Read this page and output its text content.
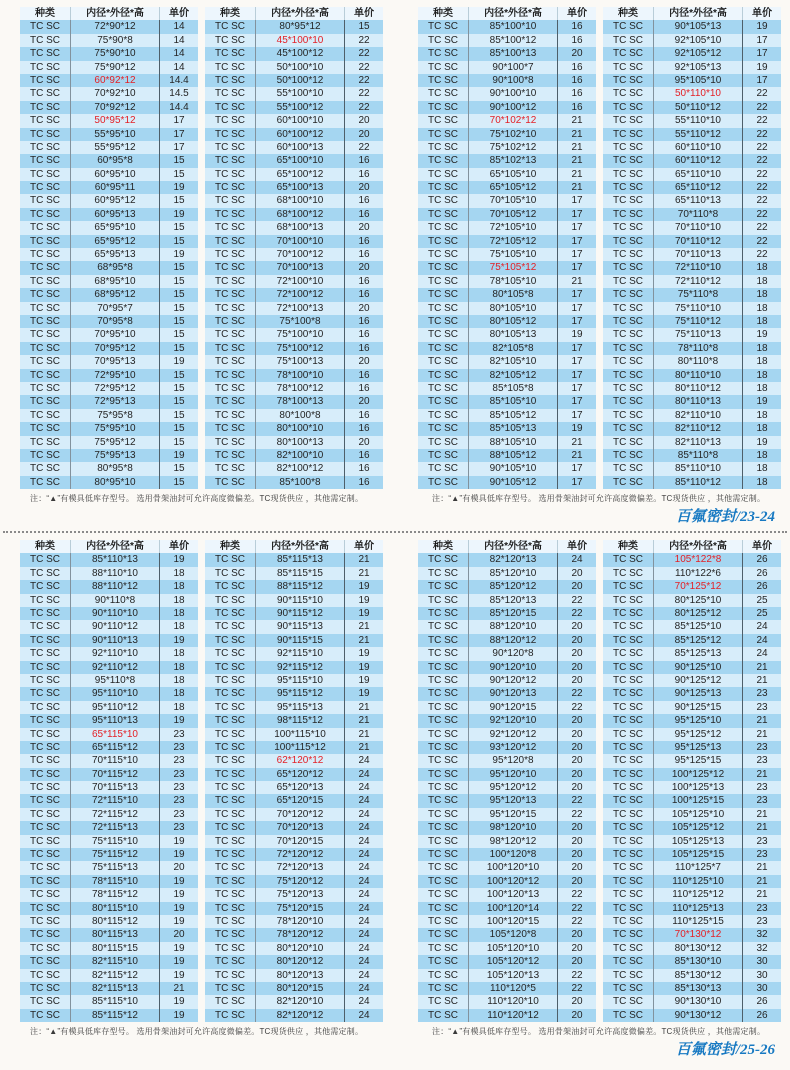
种类	内径*外径*高	单价
TC SC	72*90*12	14
TC SC	75*90*8	14
TC SC	75*90*10	14
TC SC	75*90*12	14
TC SC	60*92*12	14.4
TC SC	70*92*10	14.5
TC SC	70*92*12	14.4
TC SC	50*95*12	17
TC SC	55*95*10	17
TC SC	55*95*12	17
TC SC	60*95*8	15
TC SC	60*95*10	15
TC SC	60*95*11	19
TC SC	60*95*12	15
TC SC	60*95*13	19
TC SC	65*95*10	15
TC SC	65*95*12	15
TC SC	65*95*13	19
TC SC	68*95*8	15
TC SC	68*95*10	15
TC SC	68*95*12	15
TC SC	70*95*7	15
TC SC	70*95*8	15
TC SC	70*95*10	15
TC SC	70*95*12	15
TC SC	70*95*13	19
TC SC	72*95*10	15
TC SC	72*95*12	15
TC SC	72*95*13	15
TC SC	75*95*8	15
TC SC	75*95*10	15
TC SC	75*95*12	15
TC SC	75*95*13	19
TC SC	80*95*8	15
TC SC	80*95*10	15
种类	内径*外径*高	单价
TC SC	80*95*12	15
TC SC	45*100*10	22
TC SC	45*100*12	22
TC SC	50*100*10	22
TC SC	50*100*12	22
TC SC	55*100*10	22
TC SC	55*100*12	22
TC SC	60*100*10	20
TC SC	60*100*12	20
TC SC	60*100*13	22
TC SC	65*100*10	16
TC SC	65*100*12	16
TC SC	65*100*13	20
TC SC	68*100*10	16
TC SC	68*100*12	16
TC SC	68*100*13	20
TC SC	70*100*10	16
TC SC	70*100*12	16
TC SC	70*100*13	20
TC SC	72*100*10	16
TC SC	72*100*12	16
TC SC	72*100*13	20
TC SC	75*100*8	16
TC SC	75*100*10	16
TC SC	75*100*12	16
TC SC	75*100*13	20
TC SC	78*100*10	16
TC SC	78*100*12	16
TC SC	78*100*13	20
TC SC	80*100*8	16
TC SC	80*100*10	16
TC SC	80*100*13	20
TC SC	82*100*10	16
TC SC	82*100*12	16
TC SC	85*100*8	16
种类	内径*外径*高	单价
TC SC	85*100*10	16
TC SC	85*100*12	16
TC SC	85*100*13	20
TC SC	90*100*7	16
TC SC	90*100*8	16
TC SC	90*100*10	16
TC SC	90*100*12	16
TC SC	70*102*12	21
TC SC	75*102*10	21
TC SC	75*102*12	21
TC SC	85*102*13	21
TC SC	65*105*10	21
TC SC	65*105*12	21
TC SC	70*105*10	17
TC SC	70*105*12	17
TC SC	72*105*10	17
TC SC	72*105*12	17
TC SC	75*105*10	17
TC SC	75*105*12	17
TC SC	78*105*10	21
TC SC	80*105*8	17
TC SC	80*105*10	17
TC SC	80*105*12	17
TC SC	80*105*13	19
TC SC	82*105*8	17
TC SC	82*105*10	17
TC SC	82*105*12	17
TC SC	85*105*8	17
TC SC	85*105*10	17
TC SC	85*105*12	17
TC SC	85*105*13	19
TC SC	88*105*10	21
TC SC	88*105*12	21
TC SC	90*105*10	17
TC SC	90*105*12	17
种类	内径*外径*高	单价
TC SC	90*105*13	19
TC SC	92*105*10	17
TC SC	92*105*12	17
TC SC	92*105*13	19
TC SC	95*105*10	17
TC SC	50*110*10	22
TC SC	50*110*12	22
TC SC	55*110*10	22
TC SC	55*110*12	22
TC SC	60*110*10	22
TC SC	60*110*12	22
TC SC	65*110*10	22
TC SC	65*110*12	22
TC SC	65*110*13	22
TC SC	70*110*8	22
TC SC	70*110*10	22
TC SC	70*110*12	22
TC SC	70*110*13	22
TC SC	72*110*10	18
TC SC	72*110*12	18
TC SC	75*110*8	18
TC SC	75*110*10	18
TC SC	75*110*12	18
TC SC	75*110*13	19
TC SC	78*110*8	18
TC SC	80*110*8	18
TC SC	80*110*10	18
TC SC	80*110*12	18
TC SC	80*110*13	19
TC SC	82*110*10	18
TC SC	82*110*12	18
TC SC	82*110*13	19
TC SC	85*110*8	18
TC SC	85*110*10	18
TC SC	85*110*12	18
注：“▲”有模具低库存型号。 选用骨架油封可允许高度微偏差。TC现货供应 ，其他需定制。	注：“▲”有模具低库存型号。 选用骨架油封可允许高度微偏差。TC现货供应 ，其他需定制。
百氟密封/23-24
种类	内径*外径*高	单价
TC SC	85*110*13	19
TC SC	88*110*10	18
TC SC	88*110*12	18
TC SC	90*110*8	18
TC SC	90*110*10	18
TC SC	90*110*12	18
TC SC	90*110*13	19
TC SC	92*110*10	18
TC SC	92*110*12	18
TC SC	95*110*8	18
TC SC	95*110*10	18
TC SC	95*110*12	18
TC SC	95*110*13	19
TC SC	65*115*10	23
TC SC	65*115*12	23
TC SC	70*115*10	23
TC SC	70*115*12	23
TC SC	70*115*13	23
TC SC	72*115*10	23
TC SC	72*115*12	23
TC SC	72*115*13	23
TC SC	75*115*10	19
TC SC	75*115*12	19
TC SC	75*115*13	20
TC SC	78*115*10	19
TC SC	78*115*12	19
TC SC	80*115*10	19
TC SC	80*115*12	19
TC SC	80*115*13	20
TC SC	80*115*15	19
TC SC	82*115*10	19
TC SC	82*115*12	19
TC SC	82*115*13	21
TC SC	85*115*10	19
TC SC	85*115*12	19
种类	内径*外径*高	单价
TC SC	85*115*13	21
TC SC	85*115*15	21
TC SC	88*115*12	19
TC SC	90*115*10	19
TC SC	90*115*12	19
TC SC	90*115*13	21
TC SC	90*115*15	21
TC SC	92*115*10	19
TC SC	92*115*12	19
TC SC	95*115*10	19
TC SC	95*115*12	19
TC SC	95*115*13	21
TC SC	98*115*12	21
TC SC	100*115*10	21
TC SC	100*115*12	21
TC SC	62*120*12	24
TC SC	65*120*12	24
TC SC	65*120*13	24
TC SC	65*120*15	24
TC SC	70*120*12	24
TC SC	70*120*13	24
TC SC	70*120*15	24
TC SC	72*120*12	24
TC SC	72*120*13	24
TC SC	75*120*12	24
TC SC	75*120*13	24
TC SC	75*120*15	24
TC SC	78*120*10	24
TC SC	78*120*12	24
TC SC	80*120*10	24
TC SC	80*120*12	24
TC SC	80*120*13	24
TC SC	80*120*15	24
TC SC	82*120*10	24
TC SC	82*120*12	24
种类	内径*外径*高	单价
TC SC	82*120*13	24
TC SC	85*120*10	20
TC SC	85*120*12	20
TC SC	85*120*13	22
TC SC	85*120*15	22
TC SC	88*120*10	20
TC SC	88*120*12	20
TC SC	90*120*8	20
TC SC	90*120*10	20
TC SC	90*120*12	20
TC SC	90*120*13	22
TC SC	90*120*15	22
TC SC	92*120*10	20
TC SC	92*120*12	20
TC SC	93*120*12	20
TC SC	95*120*8	20
TC SC	95*120*10	20
TC SC	95*120*12	20
TC SC	95*120*13	22
TC SC	95*120*15	22
TC SC	98*120*10	20
TC SC	98*120*12	20
TC SC	100*120*8	20
TC SC	100*120*10	20
TC SC	100*120*12	20
TC SC	100*120*13	22
TC SC	100*120*14	22
TC SC	100*120*15	22
TC SC	105*120*8	20
TC SC	105*120*10	20
TC SC	105*120*12	20
TC SC	105*120*13	22
TC SC	110*120*5	22
TC SC	110*120*10	20
TC SC	110*120*12	20
种类	内径*外径*高	单价
TC SC	105*122*8	26
TC SC	110*122*6	26
TC SC	70*125*12	26
TC SC	80*125*10	25
TC SC	80*125*12	25
TC SC	85*125*10	24
TC SC	85*125*12	24
TC SC	85*125*13	24
TC SC	90*125*10	21
TC SC	90*125*12	21
TC SC	90*125*13	23
TC SC	90*125*15	23
TC SC	95*125*10	21
TC SC	95*125*12	21
TC SC	95*125*13	23
TC SC	95*125*15	23
TC SC	100*125*12	21
TC SC	100*125*13	23
TC SC	100*125*15	23
TC SC	105*125*10	21
TC SC	105*125*12	21
TC SC	105*125*13	23
TC SC	105*125*15	23
TC SC	110*125*7	21
TC SC	110*125*10	21
TC SC	110*125*12	21
TC SC	110*125*13	23
TC SC	110*125*15	23
TC SC	70*130*12	32
TC SC	80*130*12	32
TC SC	85*130*10	30
TC SC	85*130*12	30
TC SC	85*130*13	30
TC SC	90*130*10	26
TC SC	90*130*12	26
注：“▲”有模具低库存型号。 选用骨架油封可允许高度微偏差。TC现货供应 ，其他需定制。	注：“▲”有模具低库存型号。 选用骨架油封可允许高度微偏差。TC现货供应 ，其他需定制。
百氟密封/25-26
